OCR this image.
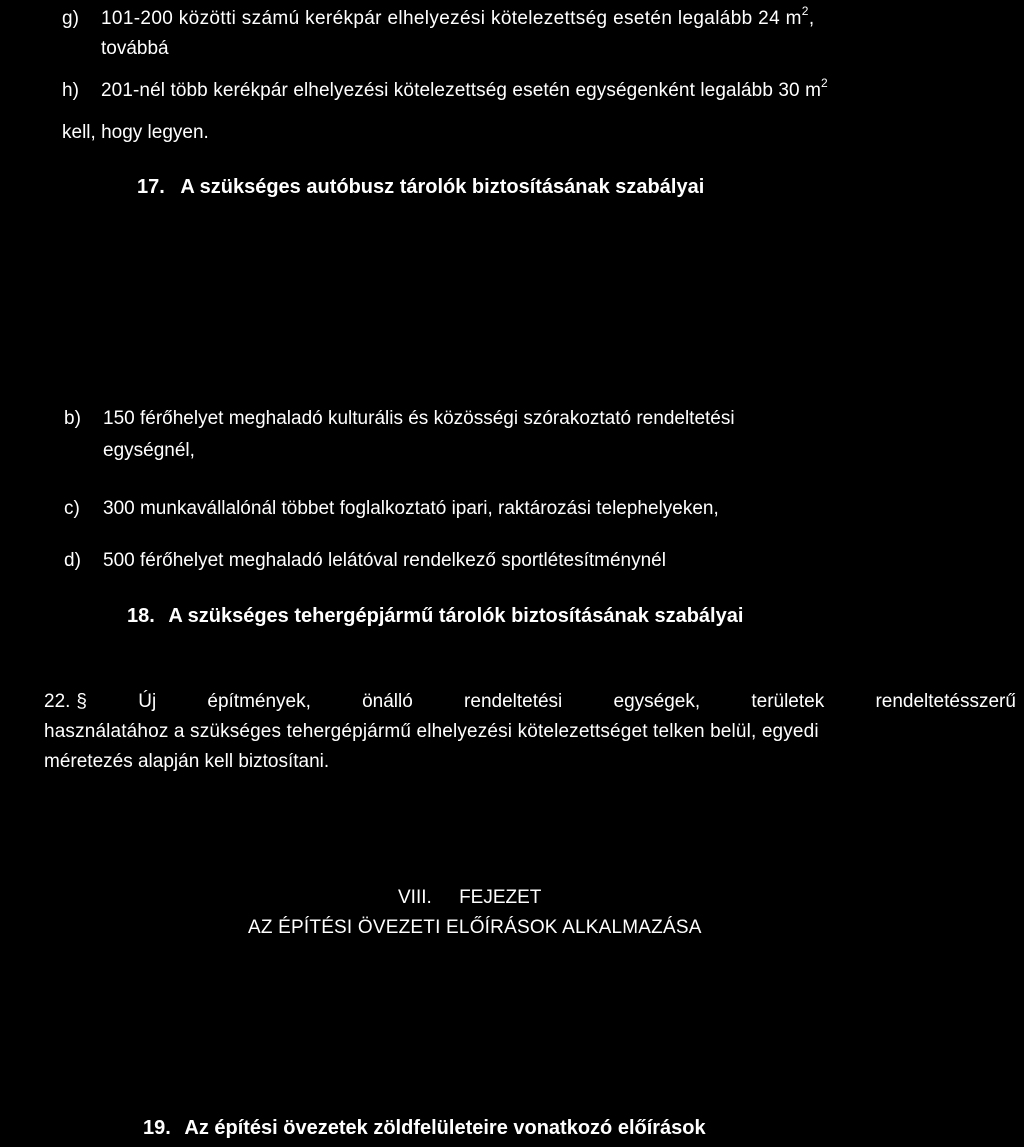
g) 101-200 közötti számú kerékpár elhelyezési kötelezettség esetén legalább 24 $m^2$,
továbbá
h) 201-nél több kerékpár elhelyezési kötelezettség esetén egységenként legalább 30 $m^2$
kell, hogy legyen.
17. A szükséges autóbusz tárolók biztosításának szabályai
b) 150 férőhelyet meghaladó kulturális és közösségi szórakoztató rendeltetési
egységnél,
c) 300 munkavállalónál többet foglalkoztató ipari, raktározási telephelyeken,
d) 500 férőhelyet meghaladó lelátóval rendelkező sportlétesítménynél
18. A szükséges tehergépjármű tárolók biztosításának szabályai
22. §	Új	építmények,	önálló	rendeltetési	egységek,	területek	rendeltetésszerű
használatához a szükséges tehergépjármű elhelyezési kötelezettséget telken belül, egyedi
méretezés alapján kell biztosítani.
VIII. FEJEZET
AZ ÉPÍTÉSI ÖVEZETI ELŐÍRÁSOK ALKALMAZÁSA
19. Az építési övezetek zöldfelületeire vonatkozó előírások
